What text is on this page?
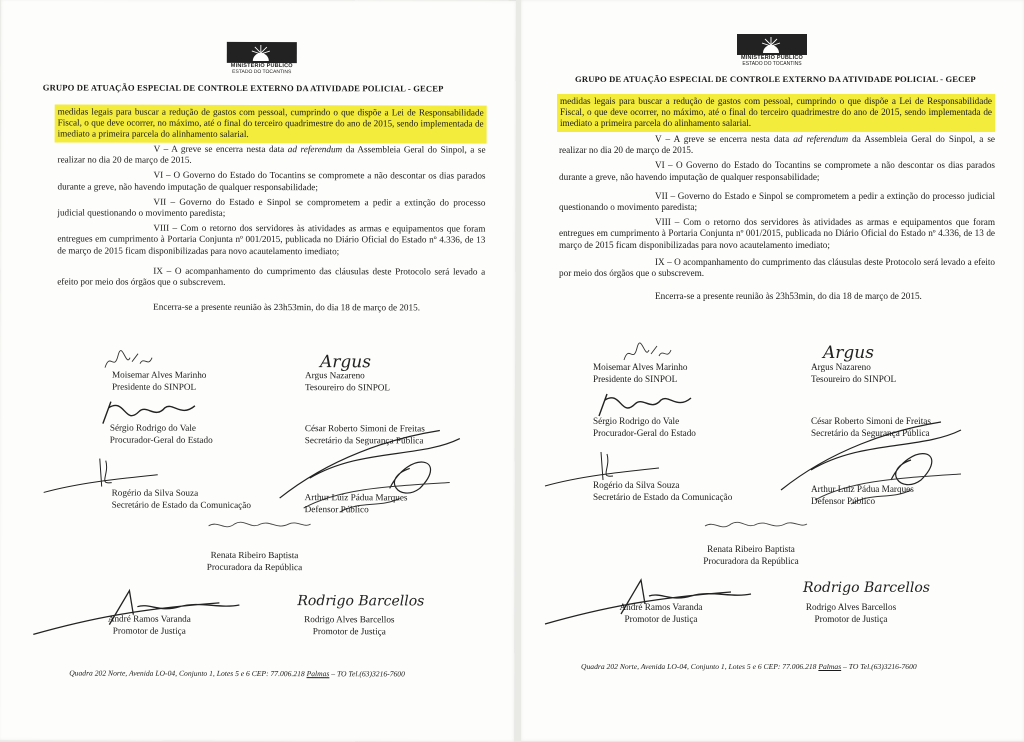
MINISTÉRIO PÚBLICO
ESTADO DO TOCANTINS
GRUPO DE ATUAÇÃO ESPECIAL DE CONTROLE EXTERNO DA ATIVIDADE POLICIAL - GECEP
medidas legais para buscar a redução de gastos com pessoal, cumprindo o que dispõe a Lei de Responsabilidade Fiscal, o que deve ocorrer, no máximo, até o final do terceiro quadrimestre do ano de 2015, sendo implementada de imediato a primeira parcela do alinhamento salarial.

V – A greve se encerra nesta data ad referendum da Assembleia Geral do Sinpol, a se realizar no dia 20 de março de 2015.

VI – O Governo do Estado do Tocantins se compromete a não descontar os dias parados durante a greve, não havendo imputação de qualquer responsabilidade;

VII – Governo do Estado e Sinpol se comprometem a pedir a extinção do processo judicial questionando o movimento paredista;

VIII – Com o retorno dos servidores às atividades as armas e equipamentos que foram entregues em cumprimento à Portaria Conjunta nº 001/2015, publicada no Diário Oficial do Estado nº 4.336, de 13 de março de 2015 ficam disponibilizadas para novo acautelamento imediato;

IX – O acompanhamento do cumprimento das cláusulas deste Protocolo será levado a efeito por meio dos órgãos que o subscrevem.

Encerra-se a presente reunião às 23h53min, do dia 18 de março de 2015.

Moisemar Alves Marinho
Presidente do SINPOL
Argus
Argus Nazareno
Tesoureiro do SINPOL
Sérgio Rodrigo do Vale
Procurador-Geral do Estado
César Roberto Simoni de Freitas
Secretário da Segurança Pública
Rogério da Silva Souza
Secretário de Estado da Comunicação
Arthur Luiz Pádua Marques
Defensor Público
Renata Ribeiro Baptista
Procuradora da República
André Ramos Varanda
Promotor de Justiça
Rodrigo Barcellos
Rodrigo Alves Barcellos
Promotor de Justiça
Quadra 202 Norte, Avenida LO-04, Conjunto 1, Lotes 5 e 6 CEP: 77.006.218 Palmas – TO Tel.(63)3216-7600
MINISTÉRIO PÚBLICO
ESTADO DO TOCANTINS
GRUPO DE ATUAÇÃO ESPECIAL DE CONTROLE EXTERNO DA ATIVIDADE POLICIAL - GECEP
medidas legais para buscar a redução de gastos com pessoal, cumprindo o que dispõe a Lei de Responsabilidade Fiscal, o que deve ocorrer, no máximo, até o final do terceiro quadrimestre do ano de 2015, sendo implementada de imediato a primeira parcela do alinhamento salarial.

V – A greve se encerra nesta data ad referendum da Assembleia Geral do Sinpol, a se realizar no dia 20 de março de 2015.

VI – O Governo do Estado do Tocantins se compromete a não descontar os dias parados durante a greve, não havendo imputação de qualquer responsabilidade;

VII – Governo do Estado e Sinpol se comprometem a pedir a extinção do processo judicial questionando o movimento paredista;

VIII – Com o retorno dos servidores às atividades as armas e equipamentos que foram entregues em cumprimento à Portaria Conjunta nº 001/2015, publicada no Diário Oficial do Estado nº 4.336, de 13 de março de 2015 ficam disponibilizadas para novo acautelamento imediato;

IX – O acompanhamento do cumprimento das cláusulas deste Protocolo será levado a efeito por meio dos órgãos que o subscrevem.

Encerra-se a presente reunião às 23h53min, do dia 18 de março de 2015.

Moisemar Alves Marinho
Presidente do SINPOL
Argus
Argus Nazareno
Tesoureiro do SINPOL
Sérgio Rodrigo do Vale
Procurador-Geral do Estado
César Roberto Simoni de Freitas
Secretário da Segurança Pública
Rogério da Silva Souza
Secretário de Estado da Comunicação
Arthur Luiz Pádua Marques
Defensor Público
Renata Ribeiro Baptista
Procuradora da República
André Ramos Varanda
Promotor de Justiça
Rodrigo Barcellos
Rodrigo Alves Barcellos
Promotor de Justiça
Quadra 202 Norte, Avenida LO-04, Conjunto 1, Lotes 5 e 6 CEP: 77.006.218 Palmas – TO Tel.(63)3216-7600
